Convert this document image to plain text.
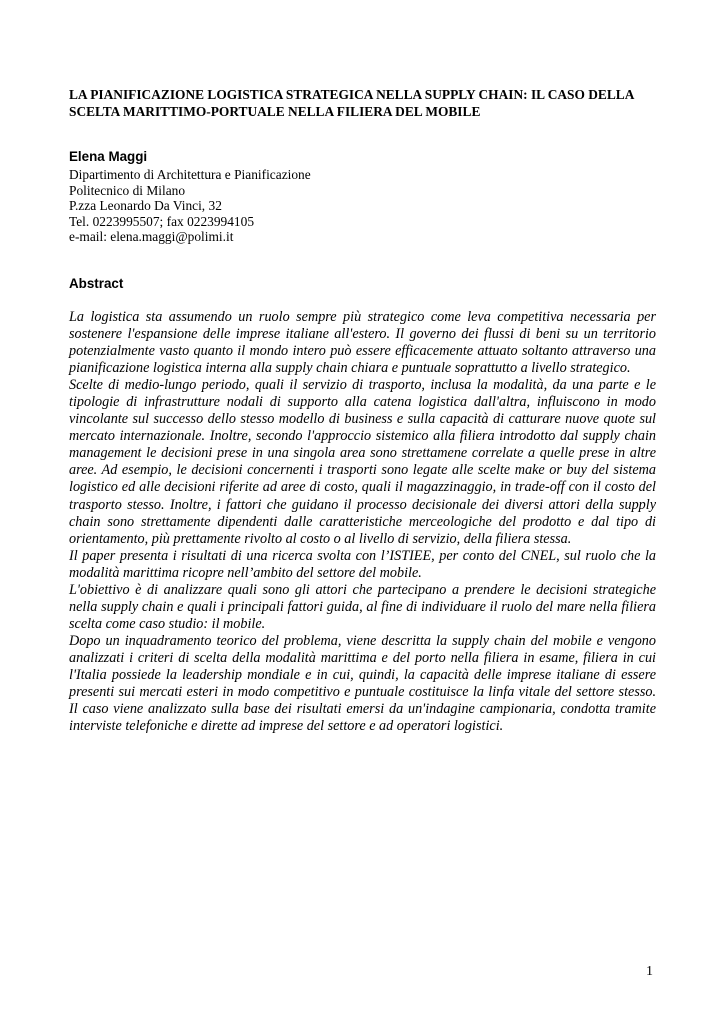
LA PIANIFICAZIONE LOGISTICA STRATEGICA NELLA SUPPLY CHAIN: IL CASO DELLA SCELTA MARITTIMO-PORTUALE NELLA FILIERA DEL MOBILE
Elena Maggi
Dipartimento di Architettura e Pianificazione
Politecnico di Milano
P.zza Leonardo Da Vinci, 32
Tel. 0223995507; fax 0223994105
e-mail: elena.maggi@polimi.it
Abstract

La logistica sta assumendo un ruolo sempre più strategico come leva competitiva necessaria per sostenere l'espansione delle imprese italiane all'estero. Il governo dei flussi di beni su un territorio potenzialmente vasto quanto il mondo intero può essere efficacemente attuato soltanto attraverso una pianificazione logistica interna alla supply chain chiara e puntuale soprattutto a livello strategico.

Scelte di medio-lungo periodo, quali il servizio di trasporto, inclusa la modalità, da una parte e le tipologie di infrastrutture nodali di supporto alla catena logistica dall'altra, influiscono in modo vincolante sul successo dello stesso modello di business e sulla capacità di catturare nuove quote sul mercato internazionale. Inoltre, secondo l'approccio sistemico alla filiera introdotto dal supply chain management le decisioni prese in una singola area sono strettamene correlate a quelle prese in altre aree. Ad esempio, le decisioni concernenti i trasporti sono legate alle scelte make or buy del sistema logistico ed alle decisioni riferite ad aree di costo, quali il magazzinaggio, in trade-off con il costo del trasporto stesso. Inoltre, i fattori che guidano il processo decisionale dei diversi attori della supply chain sono strettamente dipendenti dalle caratteristiche merceologiche del prodotto e dal tipo di orientamento, più prettamente rivolto al costo o al livello di servizio, della filiera stessa.

Il paper presenta i risultati di una ricerca svolta con l’ISTIEE, per conto del CNEL, sul ruolo che la modalità marittima ricopre nell’ambito del settore del mobile.

L'obiettivo è di analizzare quali sono gli attori che partecipano a prendere le decisioni strategiche nella supply chain e quali i principali fattori guida, al fine di individuare il ruolo del mare nella filiera scelta come caso studio: il mobile.

Dopo un inquadramento teorico del problema, viene descritta la supply chain del mobile e vengono analizzati i criteri di scelta della modalità marittima e del porto nella filiera in esame, filiera in cui l'Italia possiede la leadership mondiale e in cui, quindi, la capacità delle imprese italiane di essere presenti sui mercati esteri in modo competitivo e puntuale costituisce la linfa vitale del settore stesso. Il caso viene analizzato sulla base dei risultati emersi da un'indagine campionaria, condotta tramite interviste telefoniche e dirette ad imprese del settore e ad operatori logistici.

1
